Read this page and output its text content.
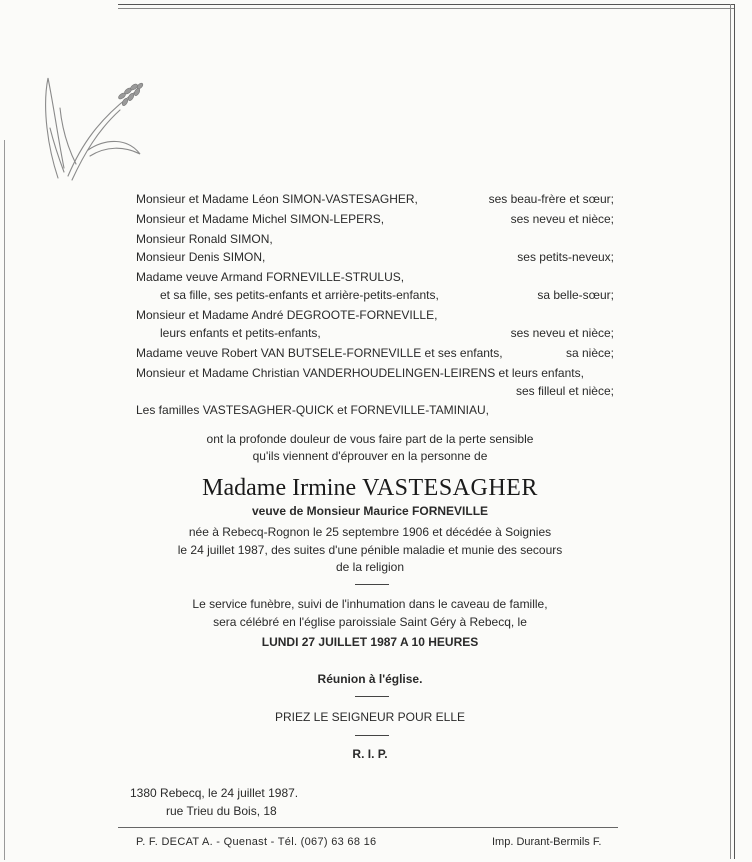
Monsieur et Madame Léon SIMON-VASTESAGHER,	ses beau-frère et sœur;
Monsieur et Madame Michel SIMON-LEPERS,	ses neveu et nièce;
Monsieur Ronald SIMON,
Monsieur Denis SIMON,	ses petits-neveux;
Madame veuve Armand FORNEVILLE-STRULUS,
et sa fille, ses petits-enfants et arrière-petits-enfants,	sa belle-sœur;
Monsieur et Madame André DEGROOTE-FORNEVILLE,
leurs enfants et petits-enfants,	ses neveu et nièce;
Madame veuve Robert VAN BUTSELE-FORNEVILLE et ses enfants,	sa nièce;
Monsieur et Madame Christian VANDERHOUDELINGEN-LEIRENS et leurs enfants,
ses filleul et nièce;
Les familles VASTESAGHER-QUICK et FORNEVILLE-TAMINIAU,
ont la profonde douleur de vous faire part de la perte sensible
qu'ils viennent d'éprouver en la personne de
Madame Irmine VASTESAGHER
veuve de Monsieur Maurice FORNEVILLE
née à Rebecq-Rognon le 25 septembre 1906 et décédée à Soignies
le 24 juillet 1987, des suites d'une pénible maladie et munie des secours
de la religion
Le service funèbre, suivi de l'inhumation dans le caveau de famille,
sera célébré en l'église paroissiale Saint Géry à Rebecq, le
LUNDI 27 JUILLET 1987 A 10 HEURES
Réunion à l'église.
PRIEZ LE SEIGNEUR POUR ELLE
R. I. P.
1380 Rebecq, le 24 juillet 1987.
rue Trieu du Bois, 18
P. F. DECAT A. - Quenast - Tél. (067) 63 68 16	Imp. Durant-Bermils F.
